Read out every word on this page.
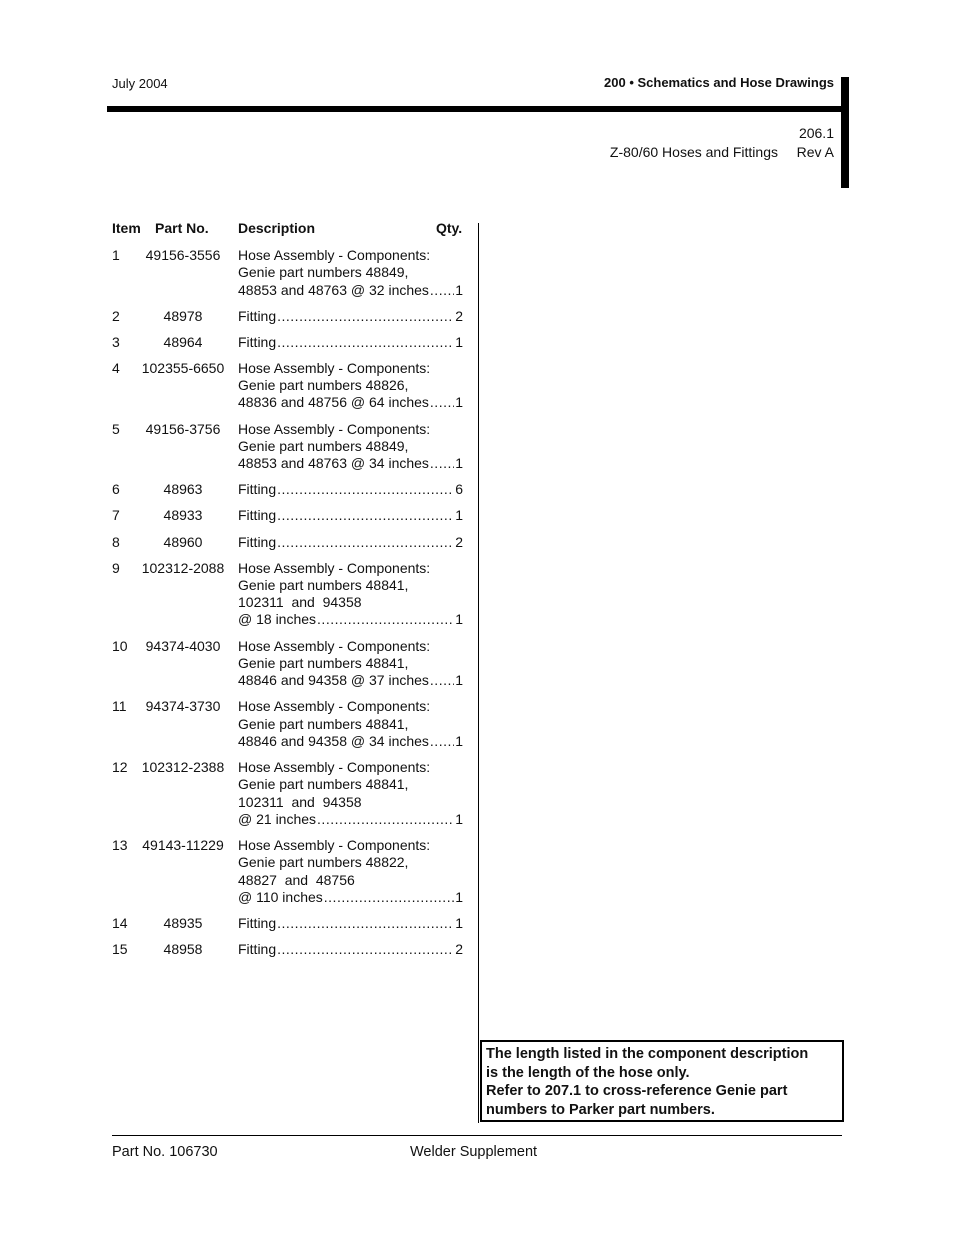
July 2004	200 • Schematics and Hose Drawings
206.1
Z-80/60 Hoses and Fittings Rev A
Item Part No. Description	Qty.
1	49156-3556	Hose Assembly - Components:
Genie part numbers 48849,
48853 and 48763 @ 32 inches ..... 1
2	48978	Fitting .....	2
3	48964	Fitting .....	1
4	102355-6650 Hose Assembly - Components:
Genie part numbers 48826,
48836 and 48756 @ 64 inches ..... 1
5	49156-3756	Hose Assembly - Components:
Genie part numbers 48849,
48853 and 48763 @ 34 inches ..... 1
6	48963	Fitting .....	6
7	48933	Fitting .....	1
8	48960	Fitting .....	2
9	102312-2088 Hose Assembly - Components:
Genie part numbers 48841,
102311  and  94358
@ 18 inches .....	1
10	94374-4030	Hose Assembly - Components:
Genie part numbers 48841,
48846 and 94358 @ 37 inches ..... 1
11	94374-3730	Hose Assembly - Components:
Genie part numbers 48841,
48846 and 94358 @ 34 inches ..... 1
12	102312-2388 Hose Assembly - Components:
Genie part numbers 48841,
102311  and  94358
@ 21 inches .....	1
13	49143-11229	Hose Assembly - Components:
Genie part numbers 48822,
48827  and  48756
@ 110 inches .....	1
14	48935	Fitting .....	1
15	48958	Fitting .....	2
The length listed in the component description
is the length of the hose only.
Refer to 207.1 to cross-reference Genie part
numbers to Parker part numbers.
Part No. 106730	Welder Supplement
